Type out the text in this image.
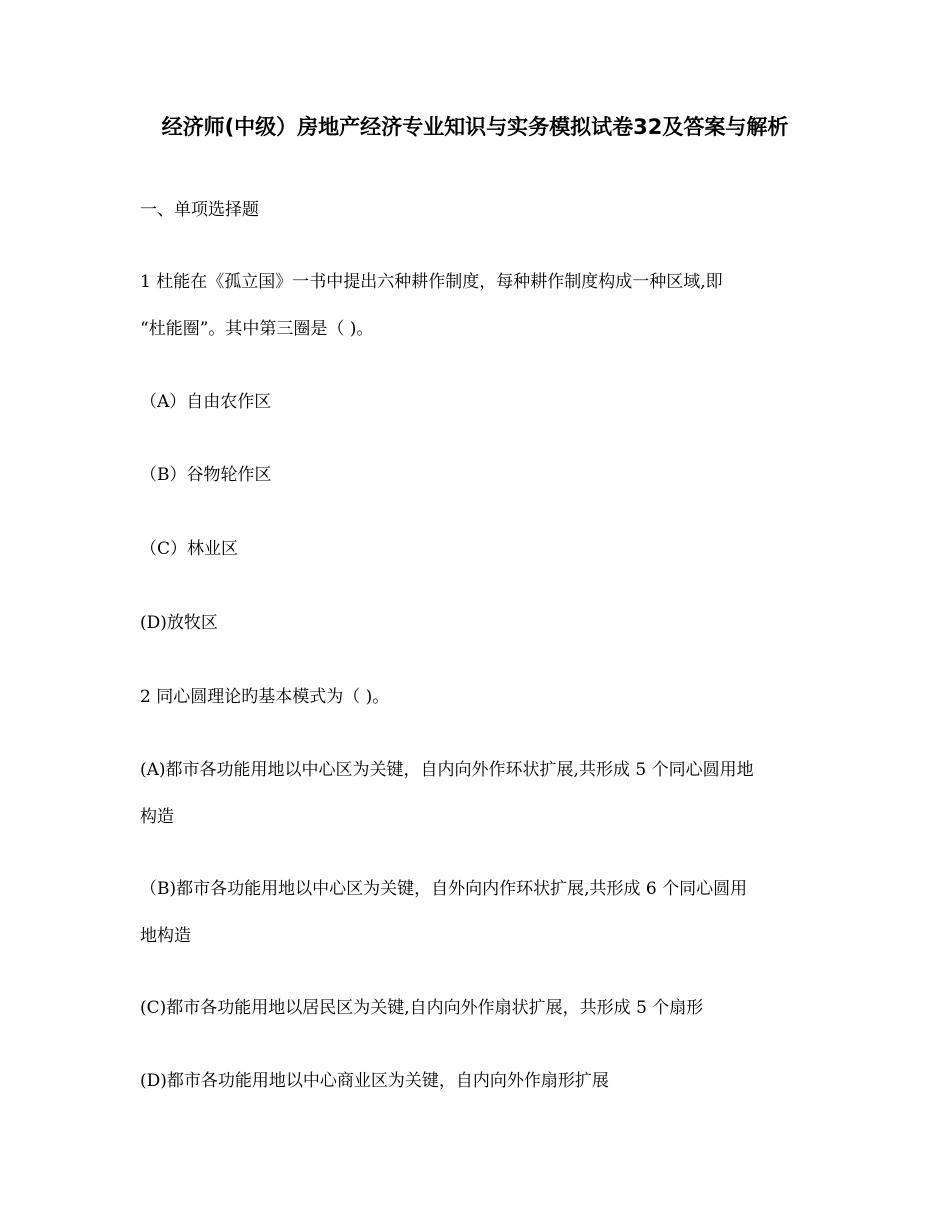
经济师(中级）房地产经济专业知识与实务模拟试卷32及答案与解析
一、单项选择题
1 杜能在《孤立国》一书中提出六种耕作制度，每种耕作制度构成一种区域,即
“杜能圈”。其中第三圈是（ )。
（A）自由农作区
（B）谷物轮作区
（C）林业区
(D)放牧区
2 同心圆理论旳基本模式为（ )。
(A)都市各功能用地以中心区为关键，自内向外作环状扩展,共形成 5 个同心圆用地
构造
（B)都市各功能用地以中心区为关键，自外向内作环状扩展,共形成 6 个同心圆用
地构造
(C)都市各功能用地以居民区为关键,自内向外作扇状扩展，共形成 5 个扇形
(D)都市各功能用地以中心商业区为关键，自内向外作扇形扩展
